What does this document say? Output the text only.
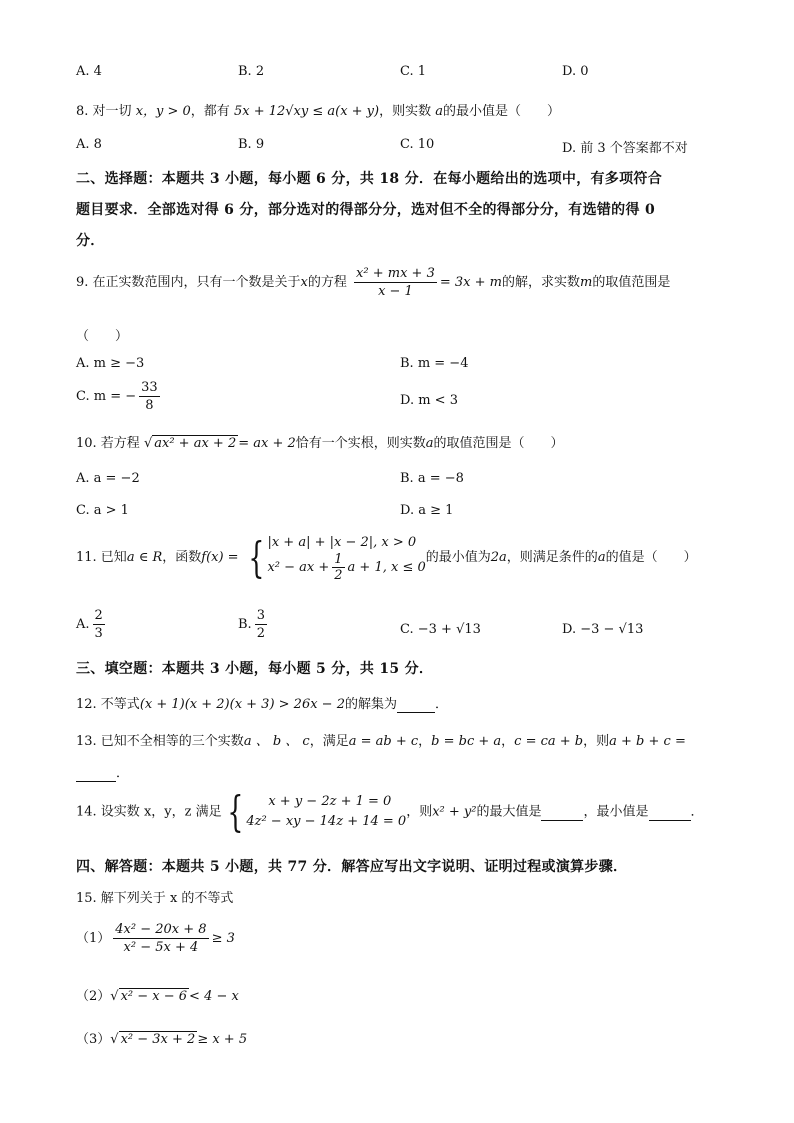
A. 4	B. 2	C. 1	D. 0
8. 对一切 x，y > 0，都有 5x + 12√xy ≤ a(x + y)，则实数 a的最小值是（　　）
A. 8	B. 9	C. 10	D. 前 3 个答案都不对
二、选择题：本题共 3 小题，每小题 6 分，共 18 分．在每小题给出的选项中，有多项符合
题目要求．全部选对得 6 分，部分选对的得部分分，选对但不全的得部分分，有选错的得 0
分．
9. 在正实数范围内，只有一个数是关于x的方程 $\frac{\text{x² + mx + 3}}{x - 1} = 3x + m$的解，求实数m的取值范围是
（　　）
A. m ≥ −3	B. m = −4
C. m = − $\frac{33}{8}$	D. m < 3
10. 若方程 √ ax² + ax + 2 = ax + 2恰有一个实根，则实数a的取值范围是（　　）
A. a = −2	B. a = −8
C. a > 1	D. a ≥ 1
11. 已知a ∈ R，函数f(x) = { |x + a| + |x − 2|, x > 0
x² − ax + $\frac{1}{2}$ a + 1, x ≤ 0
的最小值为2a，则满足条件的a的值是（　　）
A. $\frac{2}{3}$	B. $\frac{3}{2}$	C. −3 + √13	D. −3 − √13
三、填空题：本题共 3 小题，每小题 5 分，共 15 分．
12. 不等式(x + 1)(x + 2)(x + 3) > 26x − 2的解集为	．
13. 已知不全相等的三个实数a 、 b 、 c，满足a = ab + c，b = bc + a，c = ca + b，则a + b + c =
．
14. 设实数 x，y，z 满足 {	x + y − 2z + 1 = 0
4z² − xy − 14z + 14 = 0
，则x² + y²的最大值是	，最小值是	．
四、解答题：本题共 5 小题，共 77 分．解答应写出文字说明、证明过程或演算步骤．
15. 解下列关于 x 的不等式
$(1) \frac{\text{4x² − 20x + 8}}{\text{x² − 5x + 4}} \ge 3$
（2）√ x² − x − 6 < 4 − x
（3）√ x² − 3x + 2 ≥ x + 5
